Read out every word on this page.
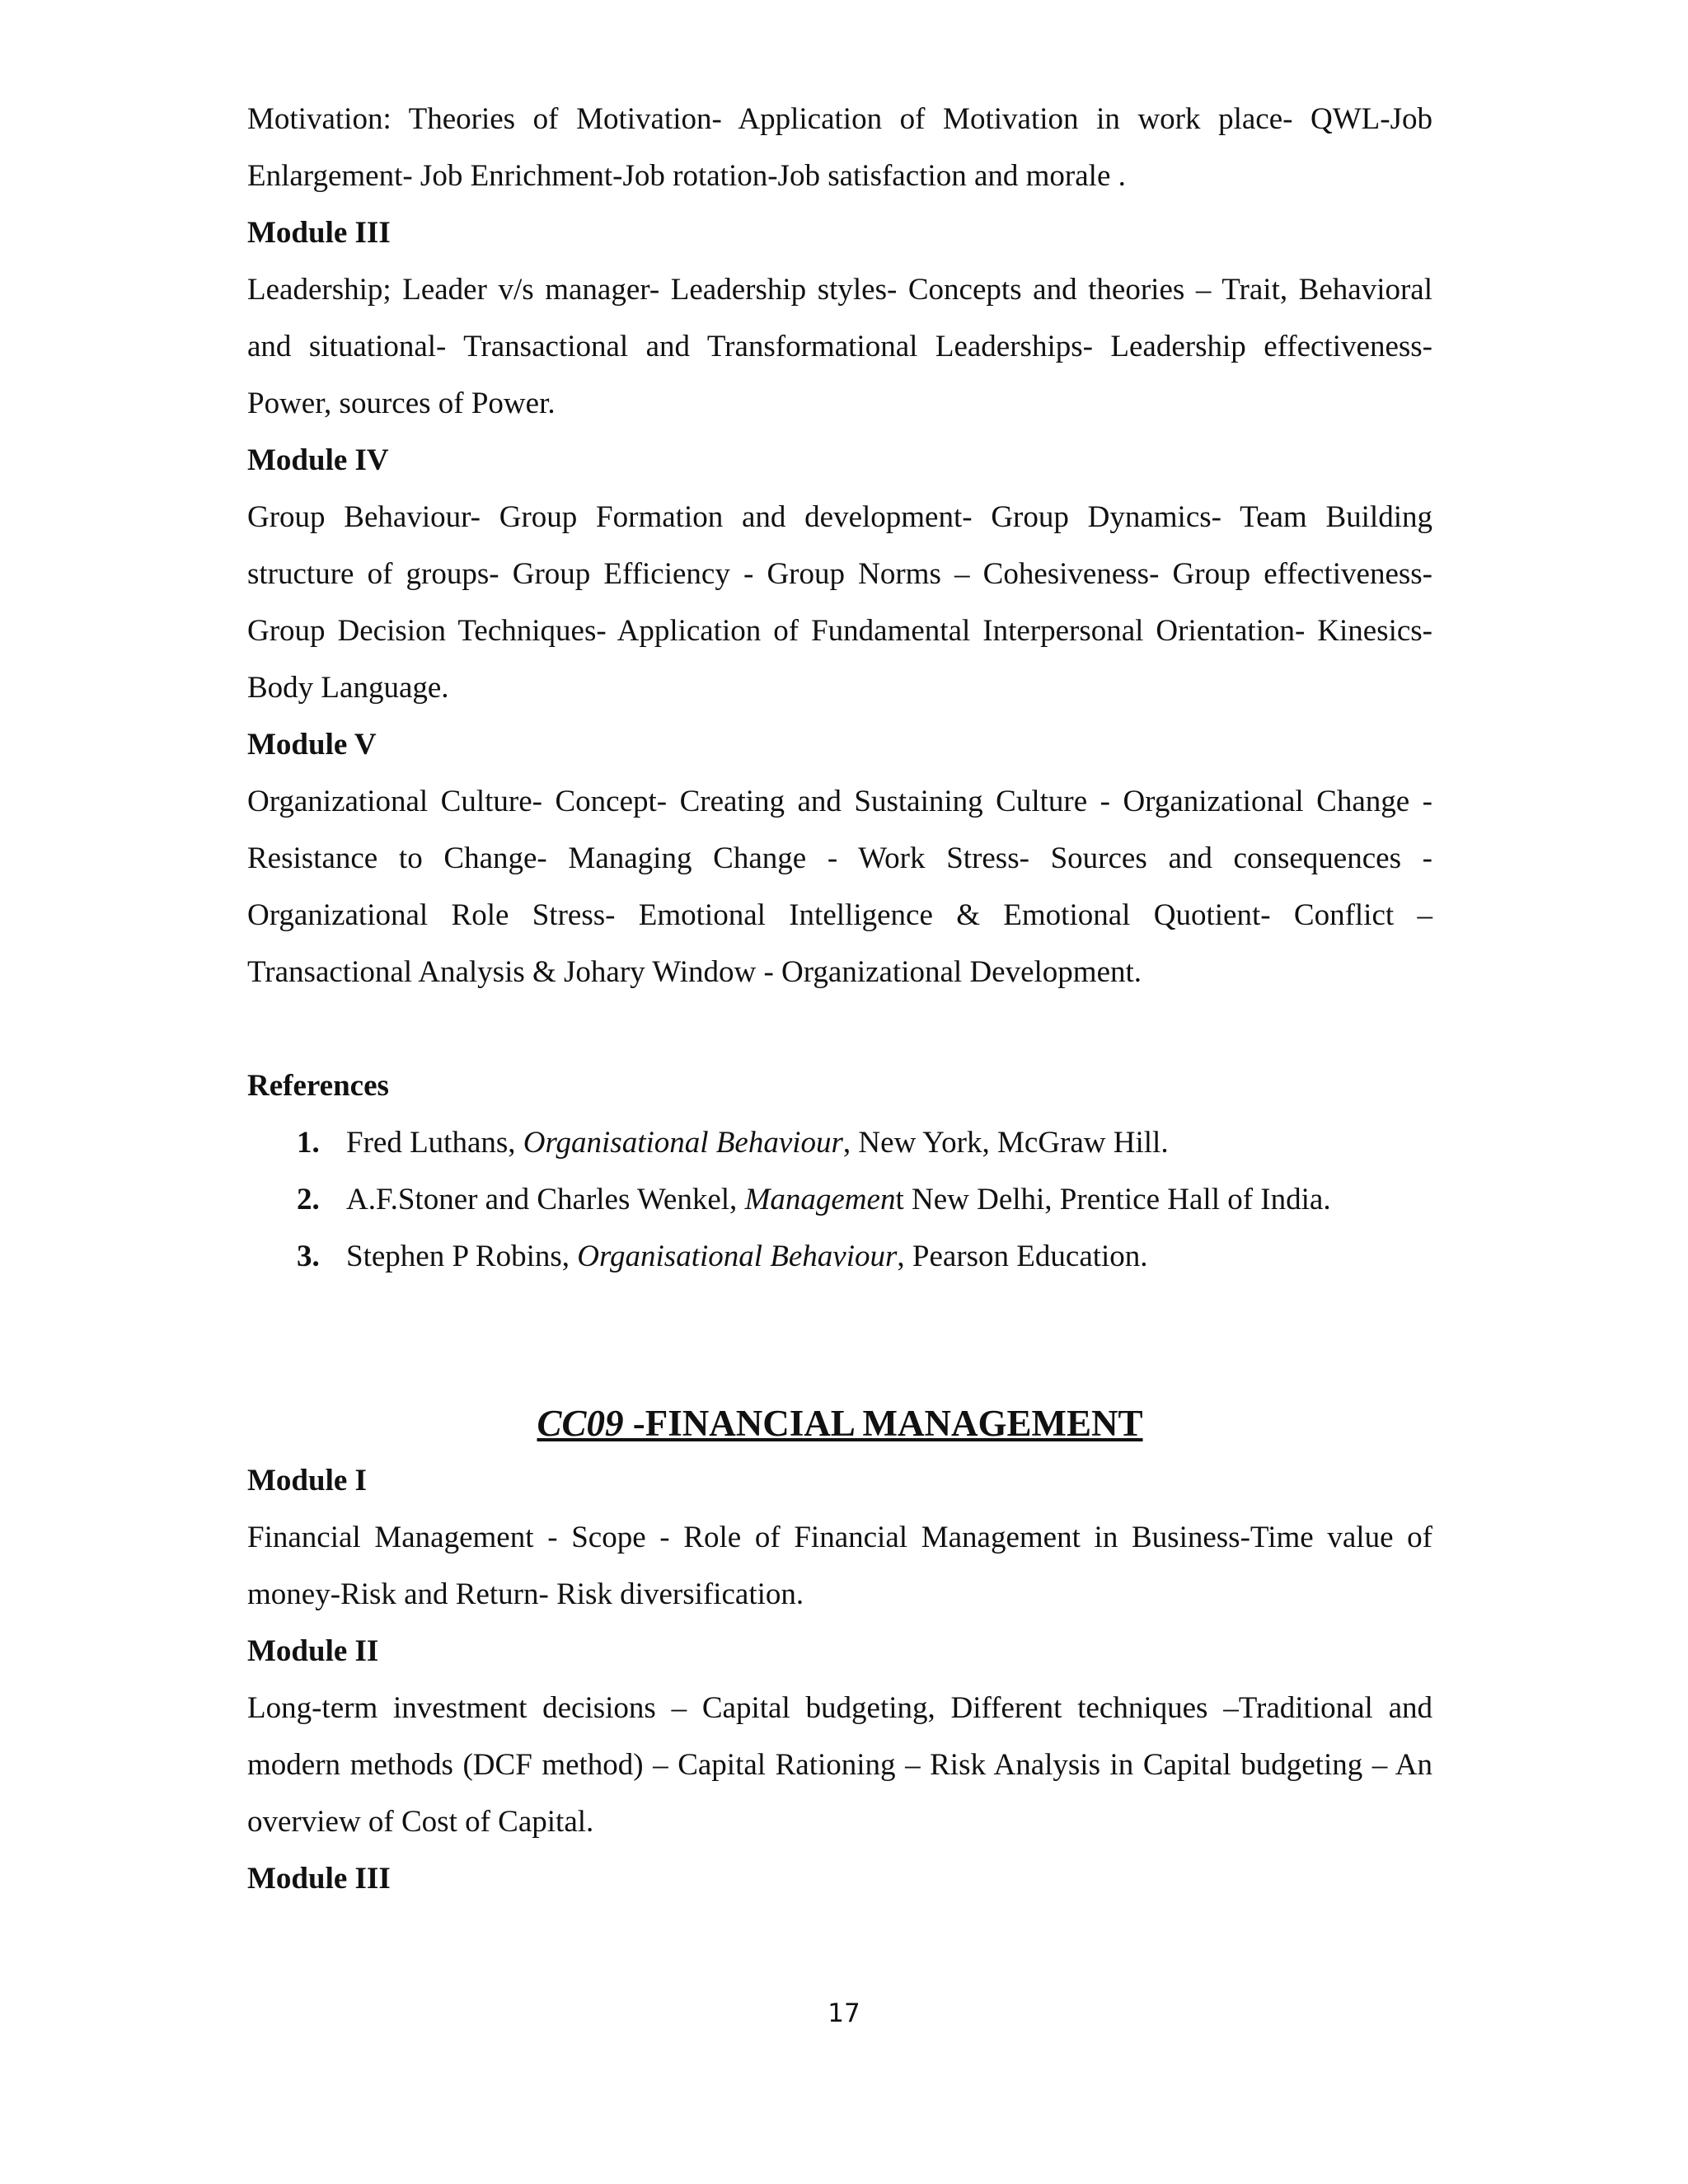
Motivation: Theories of Motivation- Application of Motivation in work place- QWL-Job Enlargement- Job Enrichment-Job rotation-Job satisfaction and morale .

Module III

Leadership; Leader v/s manager- Leadership styles- Concepts and theories – Trait, Behavioral and situational- Transactional and Transformational Leaderships- Leadership effectiveness- Power, sources of Power.

Module IV

Group Behaviour- Group Formation and development- Group Dynamics- Team Building structure of groups- Group Efficiency - Group Norms – Cohesiveness- Group effectiveness- Group Decision Techniques- Application of Fundamental Interpersonal Orientation- Kinesics- Body Language.

Module V

Organizational Culture- Concept- Creating and Sustaining Culture - Organizational Change - Resistance to Change- Managing Change - Work Stress- Sources and consequences - Organizational Role Stress- Emotional Intelligence & Emotional Quotient- Conflict – Transactional Analysis & Johary Window - Organizational Development.

References

1. Fred Luthans, Organisational Behaviour, New York, McGraw Hill.
2. A.F.Stoner and Charles Wenkel, Management New Delhi, Prentice Hall of India.
3. Stephen P Robins, Organisational Behaviour, Pearson Education.

CC09 -FINANCIAL MANAGEMENT

Module I

Financial Management - Scope - Role of Financial Management in Business-Time value of money-Risk and Return- Risk diversification.

Module II

Long-term investment decisions – Capital budgeting, Different techniques –Traditional and modern methods (DCF method) – Capital Rationing – Risk Analysis in Capital budgeting – An overview of Cost of Capital.

Module III

17
